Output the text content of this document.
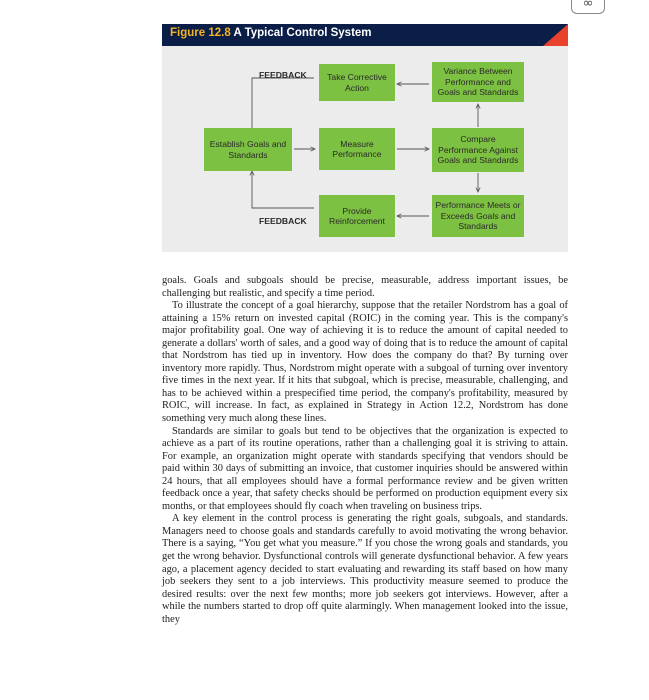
∞
Figure 12.8 A Typical Control System
FEEDBACK
FEEDBACK
Take Corrective Action
Variance Between Performance and Goals and Standards
Establish Goals and Standards
Measure Performance
Compare Performance Against Goals and Standards
Provide Reinforcement
Performance Meets or Exceeds Goals and Standards

goals. Goals and subgoals should be precise, measurable, address important issues, be challenging but realistic, and specify a time period.

To illustrate the concept of a goal hierarchy, suppose that the retailer Nordstrom has a goal of attaining a 15% return on invested capital (ROIC) in the coming year. This is the company's major profitability goal. One way of achieving it is to reduce the amount of capital needed to generate a dollars' worth of sales, and a good way of doing that is to reduce the amount of capital that Nordstrom has tied up in inventory. How does the company do that? By turning over inventory more rapidly. Thus, Nordstrom might operate with a subgoal of turning over inventory five times in the next year. If it hits that subgoal, which is precise, measurable, challenging, and has to be achieved within a prespecified time period, the company's profitability, measured by ROIC, will increase. In fact, as explained in Strategy in Action 12.2, Nordstrom has done something very much along these lines.

Standards are similar to goals but tend to be objectives that the organization is expected to achieve as a part of its routine operations, rather than a challenging goal it is striving to attain. For example, an organization might operate with standards specifying that vendors should be paid within 30 days of submitting an invoice, that customer inquiries should be answered within 24 hours, that all employees should have a formal performance review and be given written feedback once a year, that safety checks should be performed on production equipment every six months, or that employees should fly coach when traveling on business trips.

A key element in the control process is generating the right goals, subgoals, and standards. Managers need to choose goals and standards carefully to avoid motivating the wrong behavior. There is a saying, “You get what you measure.” If you chose the wrong goals and standards, you get the wrong behavior. Dysfunctional controls will generate dysfunctional behavior. A few years ago, a placement agency decided to start evaluating and rewarding its staff based on how many job seekers they sent to a job interviews. This productivity measure seemed to produce the desired results: over the next few months; more job seekers got interviews. However, after a while the numbers started to drop off quite alarmingly. When management looked into the issue, they
